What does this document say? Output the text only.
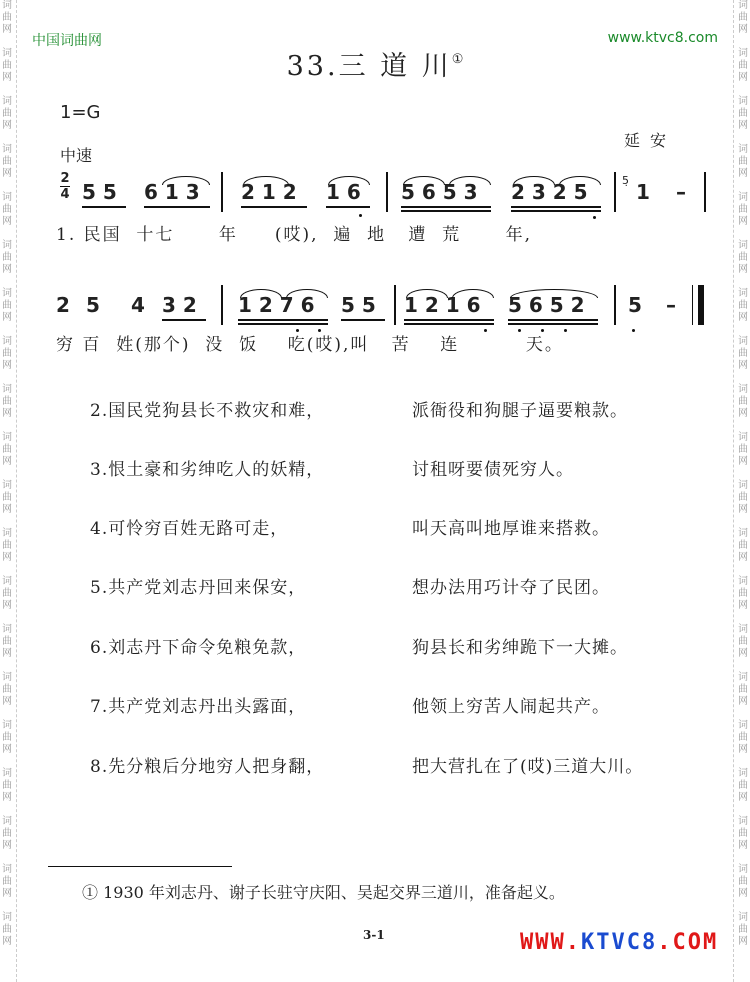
词
曲
网
词
曲
网
词
曲
网
词
曲
网
词
曲
网
词
曲
网
词
曲
网
词
曲
网
词
曲
网
词
曲
网
词
曲
网
词
曲
网
词
曲
网
词
曲
网
词
曲
网
词
曲
网
词
曲
网
词
曲
网
词
曲
网
词
曲
网
词
曲
网
词
曲
网
词
曲
网
词
曲
网
词
曲
网
词
曲
网
词
曲
网
词
曲
网
词
曲
网
词
曲
网
词
曲
网
词
曲
网
词
曲
网
词
曲
网
词
曲
网
词
曲
网
词
曲
网
词
曲
网
词
曲
网
词
曲
网
中国词曲网	www.ktvc8.com
33.三 道 川①
1=G
中速
延安
2
4 5 5 6 1 3 2 1 2 1 6 5 6 5 3 2 3 2 5	5̣ 1 –
1. 民国  十七      年     (哎),  遍  地   遭  荒      年,
2 5 4 3 2 1 2 7 6 5 5 1 2 1 6 5 6 5 2 5 –
穷 百  姓(那个)  没  饭    吃(哎),叫   苦    连         天。
2.国民党狗县长不救灾和难，	派衙役和狗腿子逼要粮款。
3.恨土豪和劣绅吃人的妖精，	讨租呀要债死穷人。
4.可怜穷百姓无路可走，	叫天高叫地厚谁来搭救。
5.共产党刘志丹回来保安，	想办法用巧计夺了民团。
6.刘志丹下命令免粮免款，	狗县长和劣绅跪下一大摊。
7.共产党刘志丹出头露面，	他领上穷苦人闹起共产。
8.先分粮后分地穷人把身翻，	把大营扎在了(哎)三道大川。
① 1930 年刘志丹、谢子长驻守庆阳、吴起交界三道川，准备起义。
3-1	WWW.KTVC8.COM
